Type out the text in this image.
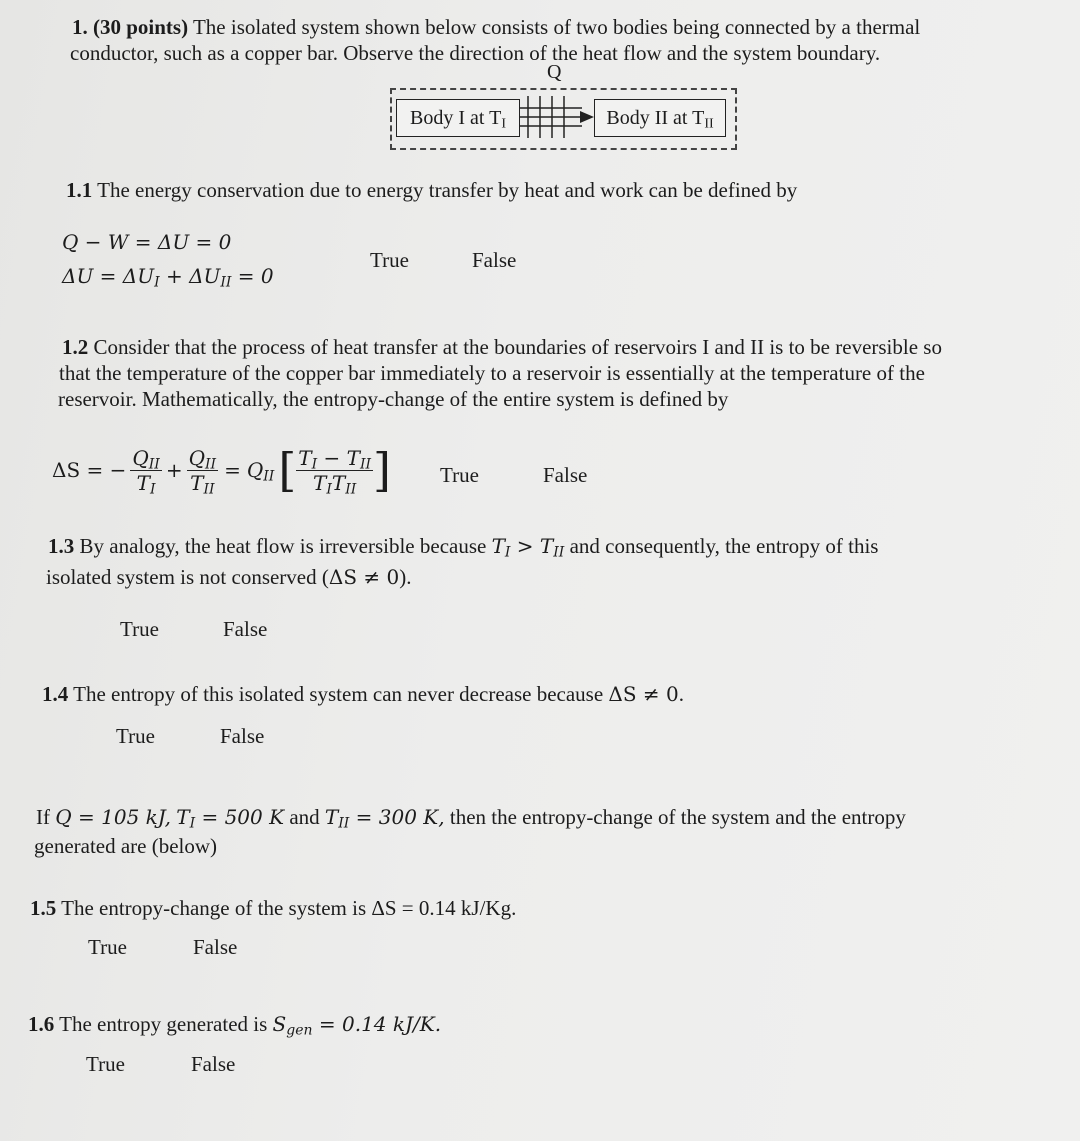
1. (30 points) The isolated system shown below consists of two bodies being connected by a thermal
conductor, such as a copper bar. Observe the direction of the heat flow and the system boundary.
Q
Body I at $T_I$	Body II at $T_{II}$
1.1 The energy conservation due to energy transfer by heat and work can be defined by
Q − W = ΔU = 0
$\Delta U = \Delta U_I + \Delta U_{II} = 0$
True	False
1.2 Consider that the process of heat transfer at the boundaries of reservoirs I and II is to be reversible so
that the temperature of the copper bar immediately to a reservoir is essentially at the temperature of the
reservoir. Mathematically, the entropy-change of the entire system is defined by
ΔS = − $\frac{Q_{II}}{T_I} + \frac{Q_{II}}{T_{II}} = Q_{II}$ [ $\frac{T_I - T_{II}}{T_IT_{II}}$ ] True	False
1.3 By analogy, the heat flow is irreversible because $T_I > T_{II}$ and consequently, the entropy of this
isolated system is not conserved (ΔS ≠ 0).
True	False
1.4 The entropy of this isolated system can never decrease because ΔS ≠ 0.
True	False
If Q = 105 kJ, $T_I = 500$ K and $T_{II} = 300$ K, then the entropy-change of the system and the entropy
generated are (below)
1.5 The entropy-change of the system is ΔS = 0.14 kJ/Kg.
True	False
1.6 The entropy generated is $S_{gen} = 0.14$ kJ/K.
True	False
